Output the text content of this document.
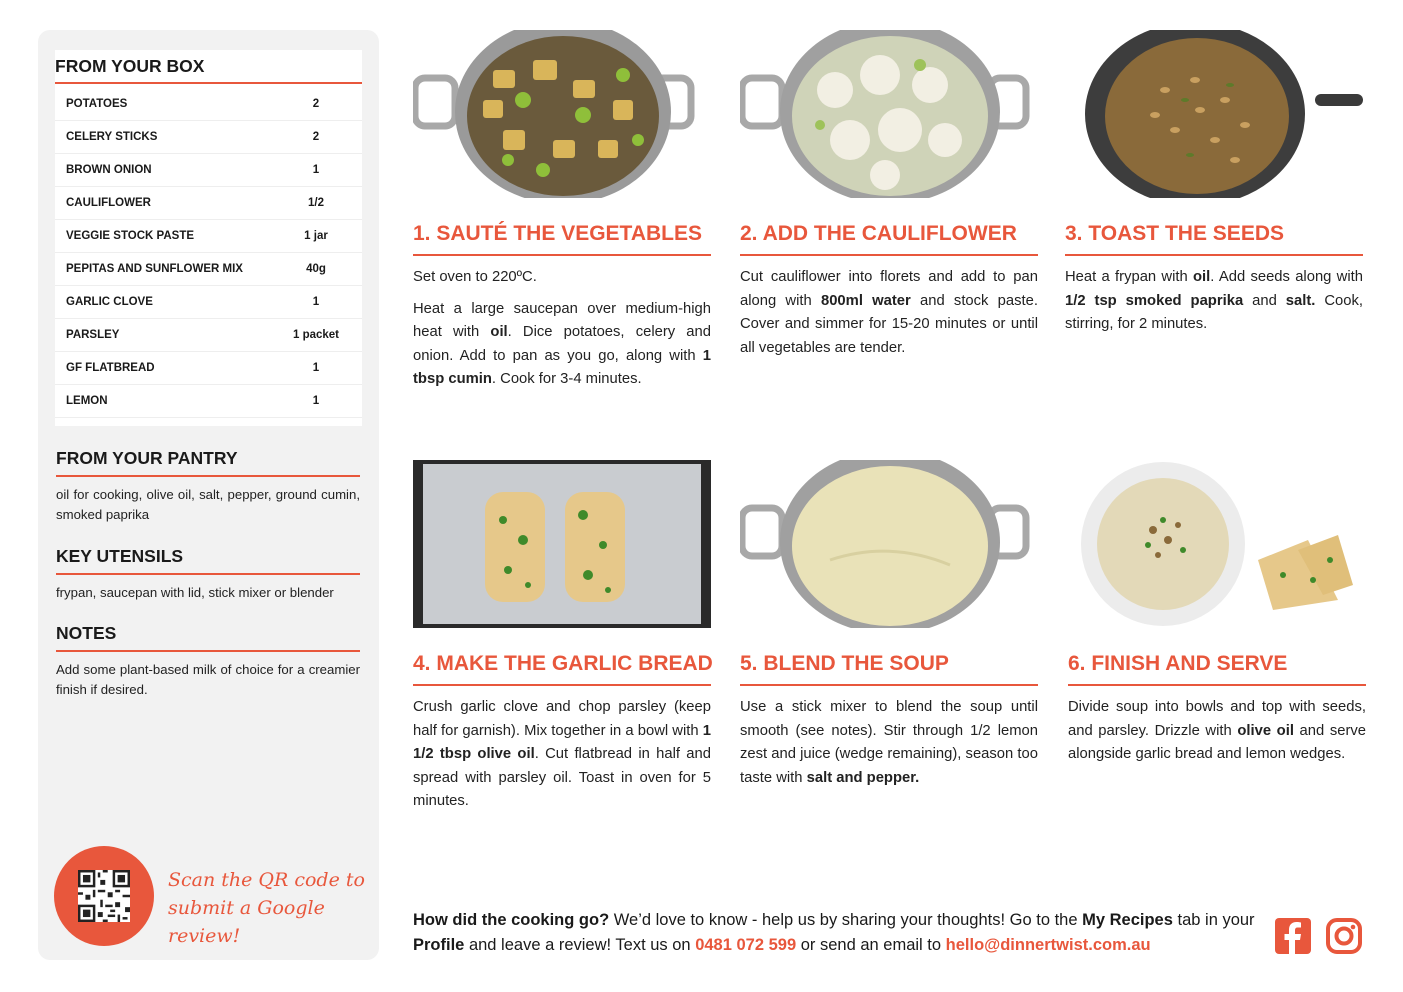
FROM YOUR BOX
POTATOES	2
CELERY STICKS	2
BROWN ONION	1
CAULIFLOWER	1/2
VEGGIE STOCK PASTE	1 jar
PEPITAS AND SUNFLOWER MIX	40g
GARLIC CLOVE	1
PARSLEY	1 packet
GF FLATBREAD	1
LEMON	1
FROM YOUR PANTRY

oil for cooking, olive oil, salt, pepper, ground cumin, smoked paprika

KEY UTENSILS

frypan, saucepan with lid, stick mixer or blender

NOTES

Add some plant-based milk of choice for a creamier finish if desired.

Scan the QR code to
submit a Google review!
1. SAUTÉ THE VEGETABLES

Set oven to 220ºC.

Heat a large saucepan over medium-high heat with oil. Dice potatoes, celery and onion. Add to pan as you go, along with 1 tbsp cumin. Cook for 3-4 minutes.

2. ADD THE CAULIFLOWER

Cut cauliflower into florets and add to pan along with 800ml water and stock paste. Cover and simmer for 15-20 minutes or until all vegetables are tender.

3. TOAST THE SEEDS

Heat a frypan with oil. Add seeds along with 1/2 tsp smoked paprika and salt. Cook, stirring, for 2 minutes.

4. MAKE THE GARLIC BREAD

Crush garlic clove and chop parsley (keep half for garnish). Mix together in a bowl with 1 1/2 tbsp olive oil. Cut flatbread in half and spread with parsley oil. Toast in oven for 5 minutes.

5. BLEND THE SOUP

Use a stick mixer to blend the soup until smooth (see notes). Stir through 1/2 lemon zest and juice (wedge remaining), season too taste with salt and pepper.

6. FINISH AND SERVE

Divide soup into bowls and top with seeds, and parsley. Drizzle with olive oil and serve alongside garlic bread and lemon wedges.

How did the cooking go? We’d love to know - help us by sharing your thoughts! Go to the My Recipes tab in your Profile and leave a review! Text us on 0481 072 599 or send an email to hello@dinnertwist.com.au
